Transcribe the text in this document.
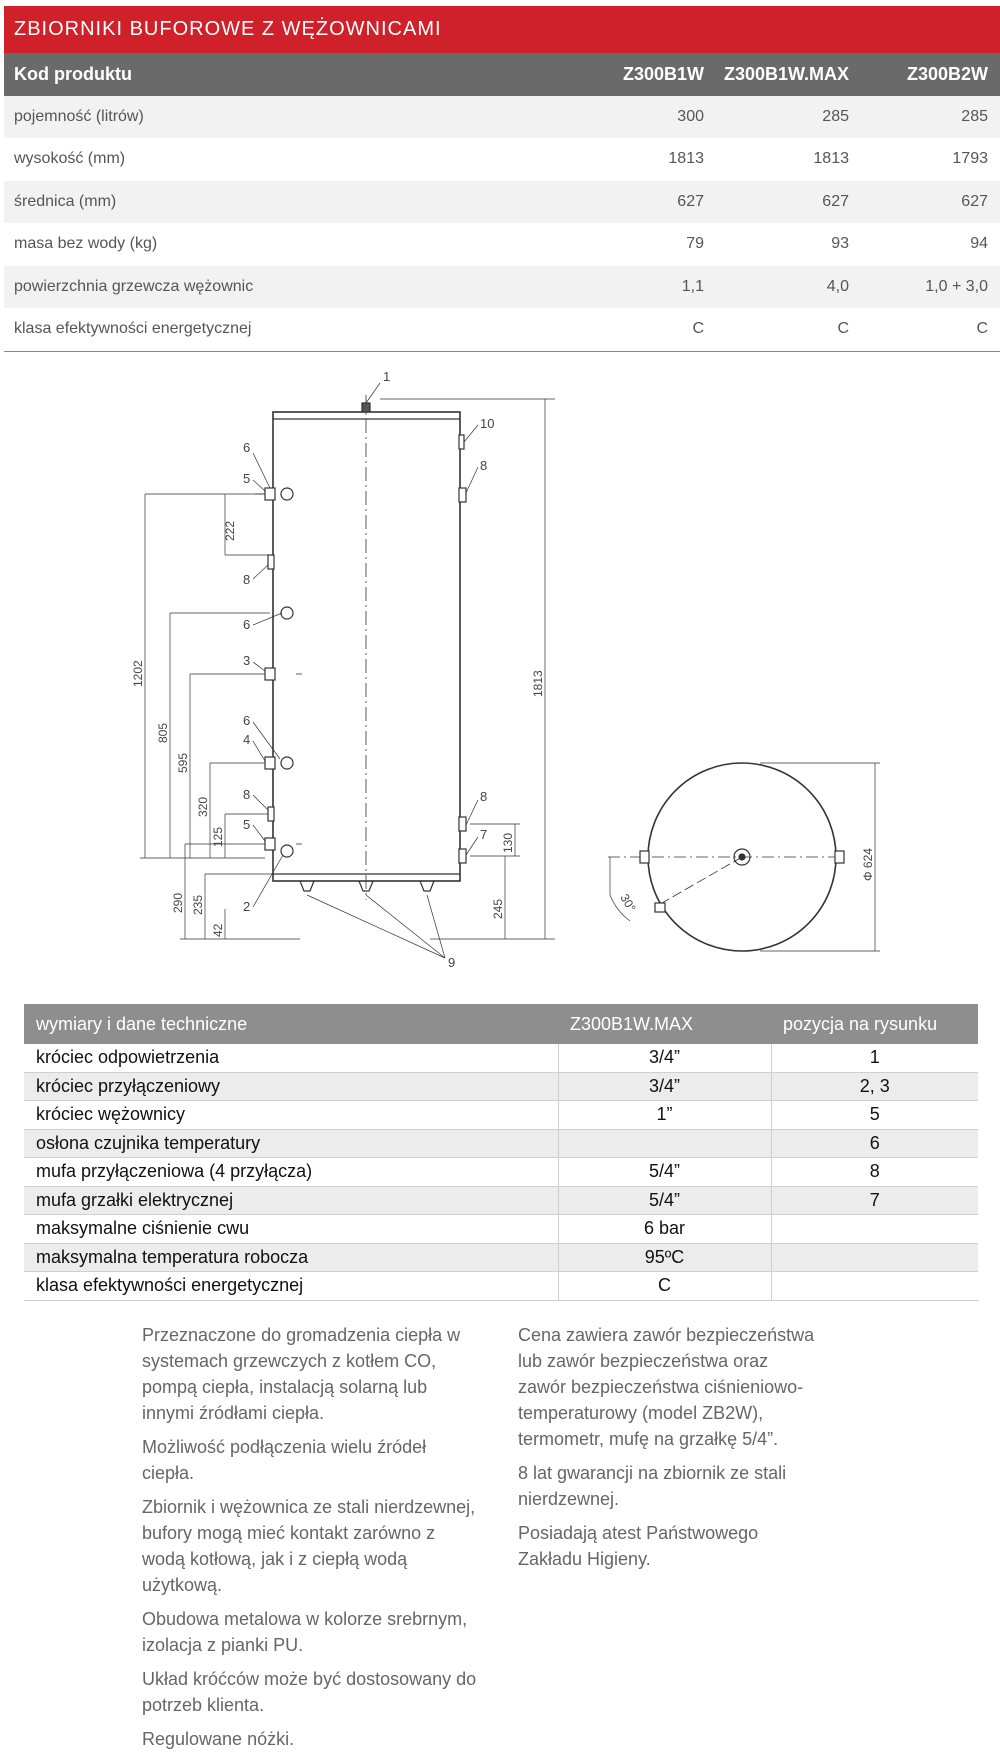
ZBIORNIKI BUFOROWE Z WĘŻOWNICAMI
Kod produktu	Z300B1W	Z300B1W.MAX	Z300B2W
pojemność (litrów)	300	285	285
wysokość (mm)	1813	1813	1793
średnica (mm)	627	627	627
masa bez wody (kg)	79	93	94
powierzchnia grzewcza wężownic	1,1	4,0	1,0 + 3,0
klasa efektywności energetycznej	C	C	C
1
10
8
6
5
8
6
3
6
4
8
5
2
8
7
9
222
1202
805
595
320
125
290 235
42
1813
130
245
Φ 624
30°
wymiary i dane techniczne	Z300B1W.MAX	pozycja na rysunku
króciec odpowietrzenia	3/4”	1
króciec przyłączeniowy	3/4”	2, 3
króciec wężownicy	1”	5
osłona czujnika temperatury		6
mufa przyłączeniowa (4 przyłącza)	5/4”	8
mufa grzałki elektrycznej	5/4”	7
maksymalne ciśnienie cwu	6 bar	
maksymalna temperatura robocza	95ºC	
klasa efektywności energetycznej	C	

Przeznaczone do gromadzenia ciepła w systemach grzewczych z kotłem CO, pompą ciepła, instalacją solarną lub innymi źródłami ciepła.

Możliwość podłączenia wielu źródeł ciepła.

Zbiornik i wężownica ze stali nierdzewnej, bufory mogą mieć kontakt zarówno z wodą kotłową, jak i z ciepłą wodą użytkową.

Obudowa metalowa w kolorze srebrnym, izolacja z pianki PU.

Układ króćców może być dostosowany do potrzeb klienta.

Regulowane nóżki.

Cena zawiera zawór bezpieczeństwa lub zawór bezpieczeństwa oraz zawór bezpieczeństwa ciśnieniowo-temperaturowy (model ZB2W), termometr, mufę na grzałkę 5/4”.

8 lat gwarancji na zbiornik ze stali nierdzewnej.

Posiadają atest Państwowego Zakładu Higieny.
